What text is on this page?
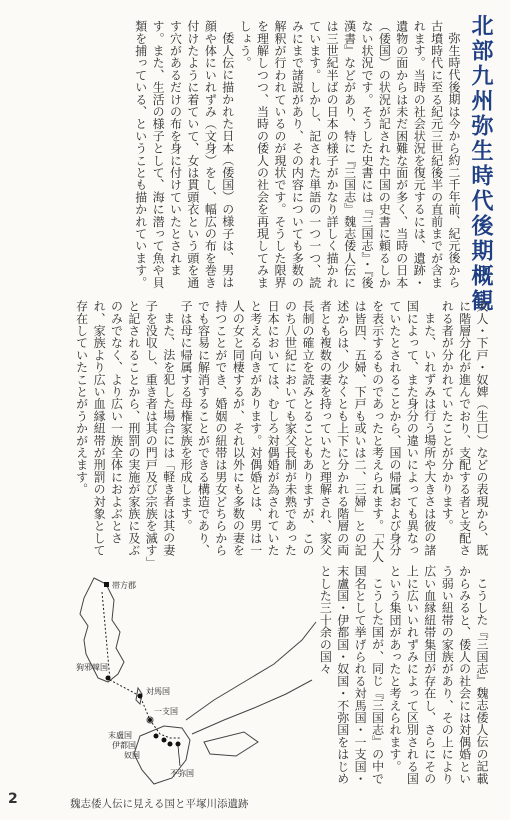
北部九州弥生時代後期概観

弥生時代後期は今から約二千年前、紀元後から古墳時代に至る紀元三世紀後半の直前までが含まれます。当時の社会状況を復元するには、遺跡・遺物の面からは未だ困難な面が多く、当時の日本（倭国）の状況が記された中国の史書に頼るしかない状況です。そうした史書には『三国志』・『後漢書』などがあり、特に『三国志』魏志倭人伝には三世紀半ばの日本の様子がかなり詳しく描かれています。しかし、記された単語の一つ一つ、読みにまで諸説があり、その内容についても多数の解釈が行われているのが現状です。そうした限界を理解しつつ、当時の倭人の社会を再現してみましょう。

倭人伝に描かれた日本（倭国）の様子は、男は顔や体にいれずみ（文身）をし、幅広の布を巻き付けたように着ていて、女は貫頭衣という頭を通す穴があるだけの布を身に付けていたとされます。また、生活の様子として、海に潜って魚や貝類を捕っている、ということも描かれています。

大人・下戸・奴婢（生口）などの表現から、既に階層分化が進んでおり、支配する者と支配される者が分かれていたことが分かります。

また、いれずみは行う場所や大きさは彼の諸国によって、また身分の違いによっても異なっていたとされることから、国の帰属および身分を表示するものであったと考えられます。「大人は皆四、五婦、下戸も或いは二、三婦」との記述からは、少なくとも上下に分かれる階層の両者とも複数の妻を持っていたと理解され、家父長制の確立を読みとることもありますが、こののち八世紀においても家父長制が未熟であった日本においては、むしろ対偶婚が為されていたと考える向きがあります。対偶婚とは、男は一人の女と同棲するが、それ以外にも多数の妻を持つことができ、婚姻の紐帯は男女どちらからでも容易に解消することができる構造であり、子は母に帰属する母権家族を形成します。

また、法を犯した場合には「軽き者は其の妻子を没収し、重き者は其の門戸及び宗族を滅す」と記されることから、刑罰の実施が家族に及ぶのみでなく、より広い一族全体におよぶとされ、家族より広い血縁紐帯が刑罰の対象として存在していたことがうかがえます。

こうした『三国志』魏志倭人伝の記載からみると、倭人の社会には対偶婚という弱い紐帯の家族があり、その上により広い血縁紐帯集団が存在し、さらにその上に広いいれずみによって区別される国という集団があったと考えられます。

こうした国が、同じ『三国志』の中で国名として挙げられる対馬国・一支国・末盧国・伊都国・奴国・不弥国をはじめとした三十余の国々

帯方郡
狗邪韓国
対馬国
一支国
末盧国
伊都国
奴国
不弥国
魏志倭人伝に見える国と平塚川添遺跡
2
